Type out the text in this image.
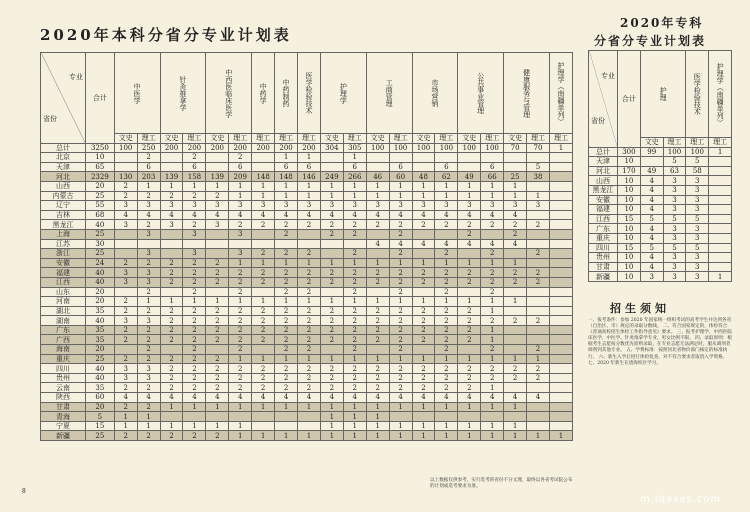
2020年本科分省分专业计划表
2020年专科
分省分专业计划表
专业
省份	合计	中医学		针灸推拿学		中西医临床医学		中药学	中药制药	医学检验技术	护理学		工商管理		市场营销		公共事业管理		健康服务与管理		护理学（南疆单列）

		文史	理工	文史	理工	文史	理工	理工	理工	理工	文史	理工	文史	理工	文史	理工	文史	理工	文史	理工	理工
总计	3250	100	250	200	200	200	200	200	200	200	304	305	100	100	100	100	100	100	70	70	1
北京	10		2		2		2		1	1		1									
天津	65		6		6		6		6	6		6		6		6		6		5	
河北	2329	130	203	139	158	139	209	148	148	146	249	266	46	60	48	62	49	66	25	38	
山西	20	2	1	1	1	1	1	1	1	1	1	1	1	1	1	1	1	1	1		
内蒙古	25	2	2	2	2	2	1	1	1	1	1	1	1	1	1	1	1	1	1	1	
辽宁	55	3	3	3	3	3	3	3	3	3	3	3	3	3	3	3	3	3	3	3	
吉林	68	4	4	4	4	4	4	4	4	4	4	4	4	4	4	4	4	4	4		
黑龙江	40	3	2	3	2	3	2	2	2	2	2	2	2	2	2	2	2	2	2	2	
上海	25		3		3		3		2		2	2		2			2		2		
江苏	30												4	4	4	4	4	4	4		
浙江	25		3		3		3	2	2	2		2		2		2		2		2	
安徽	24	2	2	2	2	2	1	1	1	1	1	1	1	1	1	1	1	1	1		
福建	40	3	3	2	2	2	2	2	2	2	2	2	2	2	2	2	2	2	2	2	
江西	40	3	3	2	2	2	2	2	2	2	2	2	2	2	2	2	2	2	2	2	
山东	20		2		2		2		2	2		2		2		2		2			
河南	20	2	1	1	1	1	1	1	1	1	1	1	1	1	1	1	1	1	1		
湖北	35	2	2	2	2	2	2	2	2	2	2	2	2	2	2	2	2	1			
湖南	40	3	3	2	2	2	2	2	2	2	2	2	2	2	2	2	2	2	2	2	
广东	35	2	2	2	2	2	2	2	2	2	2	2	2	2	2	2	2	1			
广西	35	2	2	2	2	2	2	2	2	2	2	2	2	2	2	2	2	1			
海南	20		2		2		2		2	2		2		2		2		2		2	
重庆	25	2	2	2	2	2	1	1	1	1	1	1	1	1	1	1	1	1	1	1	
四川	40	3	3	2	2	2	2	2	2	2	2	2	2	2	2	2	2	2	2	2	
贵州	40	3	3	2	2	2	2	2	2	2	2	2	2	2	2	2	2	2	2	2	
云南	35	2	2	2	2	2	2	2	2	2	2	2	2	2	2	2	2	1			
陕西	60	4	4	4	4	4	4	4	4	4	4	4	4	4	4	4	4	4	4	4	
甘肃	20	2	2	1	1	1	1	1	1	1	1	1	1	1	1	1	1	1	1		
青海	5	1	1								1	1	1								
宁夏	15	1	1	1	1	1	1				1	1	1	1	1	1	1	1	1		
新疆	25	2	2	2	2	2	1	1	1	1	1	1	1	1	1	1	1	1	1	1	1
专业
省份	合计	护理		医学检验技术	护理学（南疆单列）

		文史	理工	理工	理工
总计	300	99	100	100	1
天津	10		5	5	
河北	170	49	63	58	
山西	10	4	3	3	
黑龙江	10	4	3	3	
安徽	10	4	3	3	
福建	10	4	3	3	
江西	15	5	5	5	
广东	10	4	3	3	
重庆	10	4	3	3	
四川	15	5	5	5	
贵州	10	4	3	3	
甘肃	10	4	3	3	
新疆	10	3	3	3	1
招生须知
一、报考条件：参加 2020 年国家统一组织考试的高考学生并达到各省（自治区、市）规定的录取分数线。 二、符合国家规定的，体检符合《普通高校招生体检工作指导意见》要求。 三、报考护理学、中西医临床医学、中医学、针灸推拿学专业，男女比例不限。 四、录取原则：根据考生志愿按分数优先原则录取，在专业志愿无法满足时，服从调剂者调剂到其他专业。 五、学费标准：按照河北省物价部门核定的标准执行。 六、新生入学后进行体检复查，对不符合要求者取消入学资格。 七、2020 年新生在唐海校区学习。
以上数据仅供参考，实行选考的省份不分文理，最终以各省考试院公布的计划或选考要求为准。
8
m.lqasas.com
